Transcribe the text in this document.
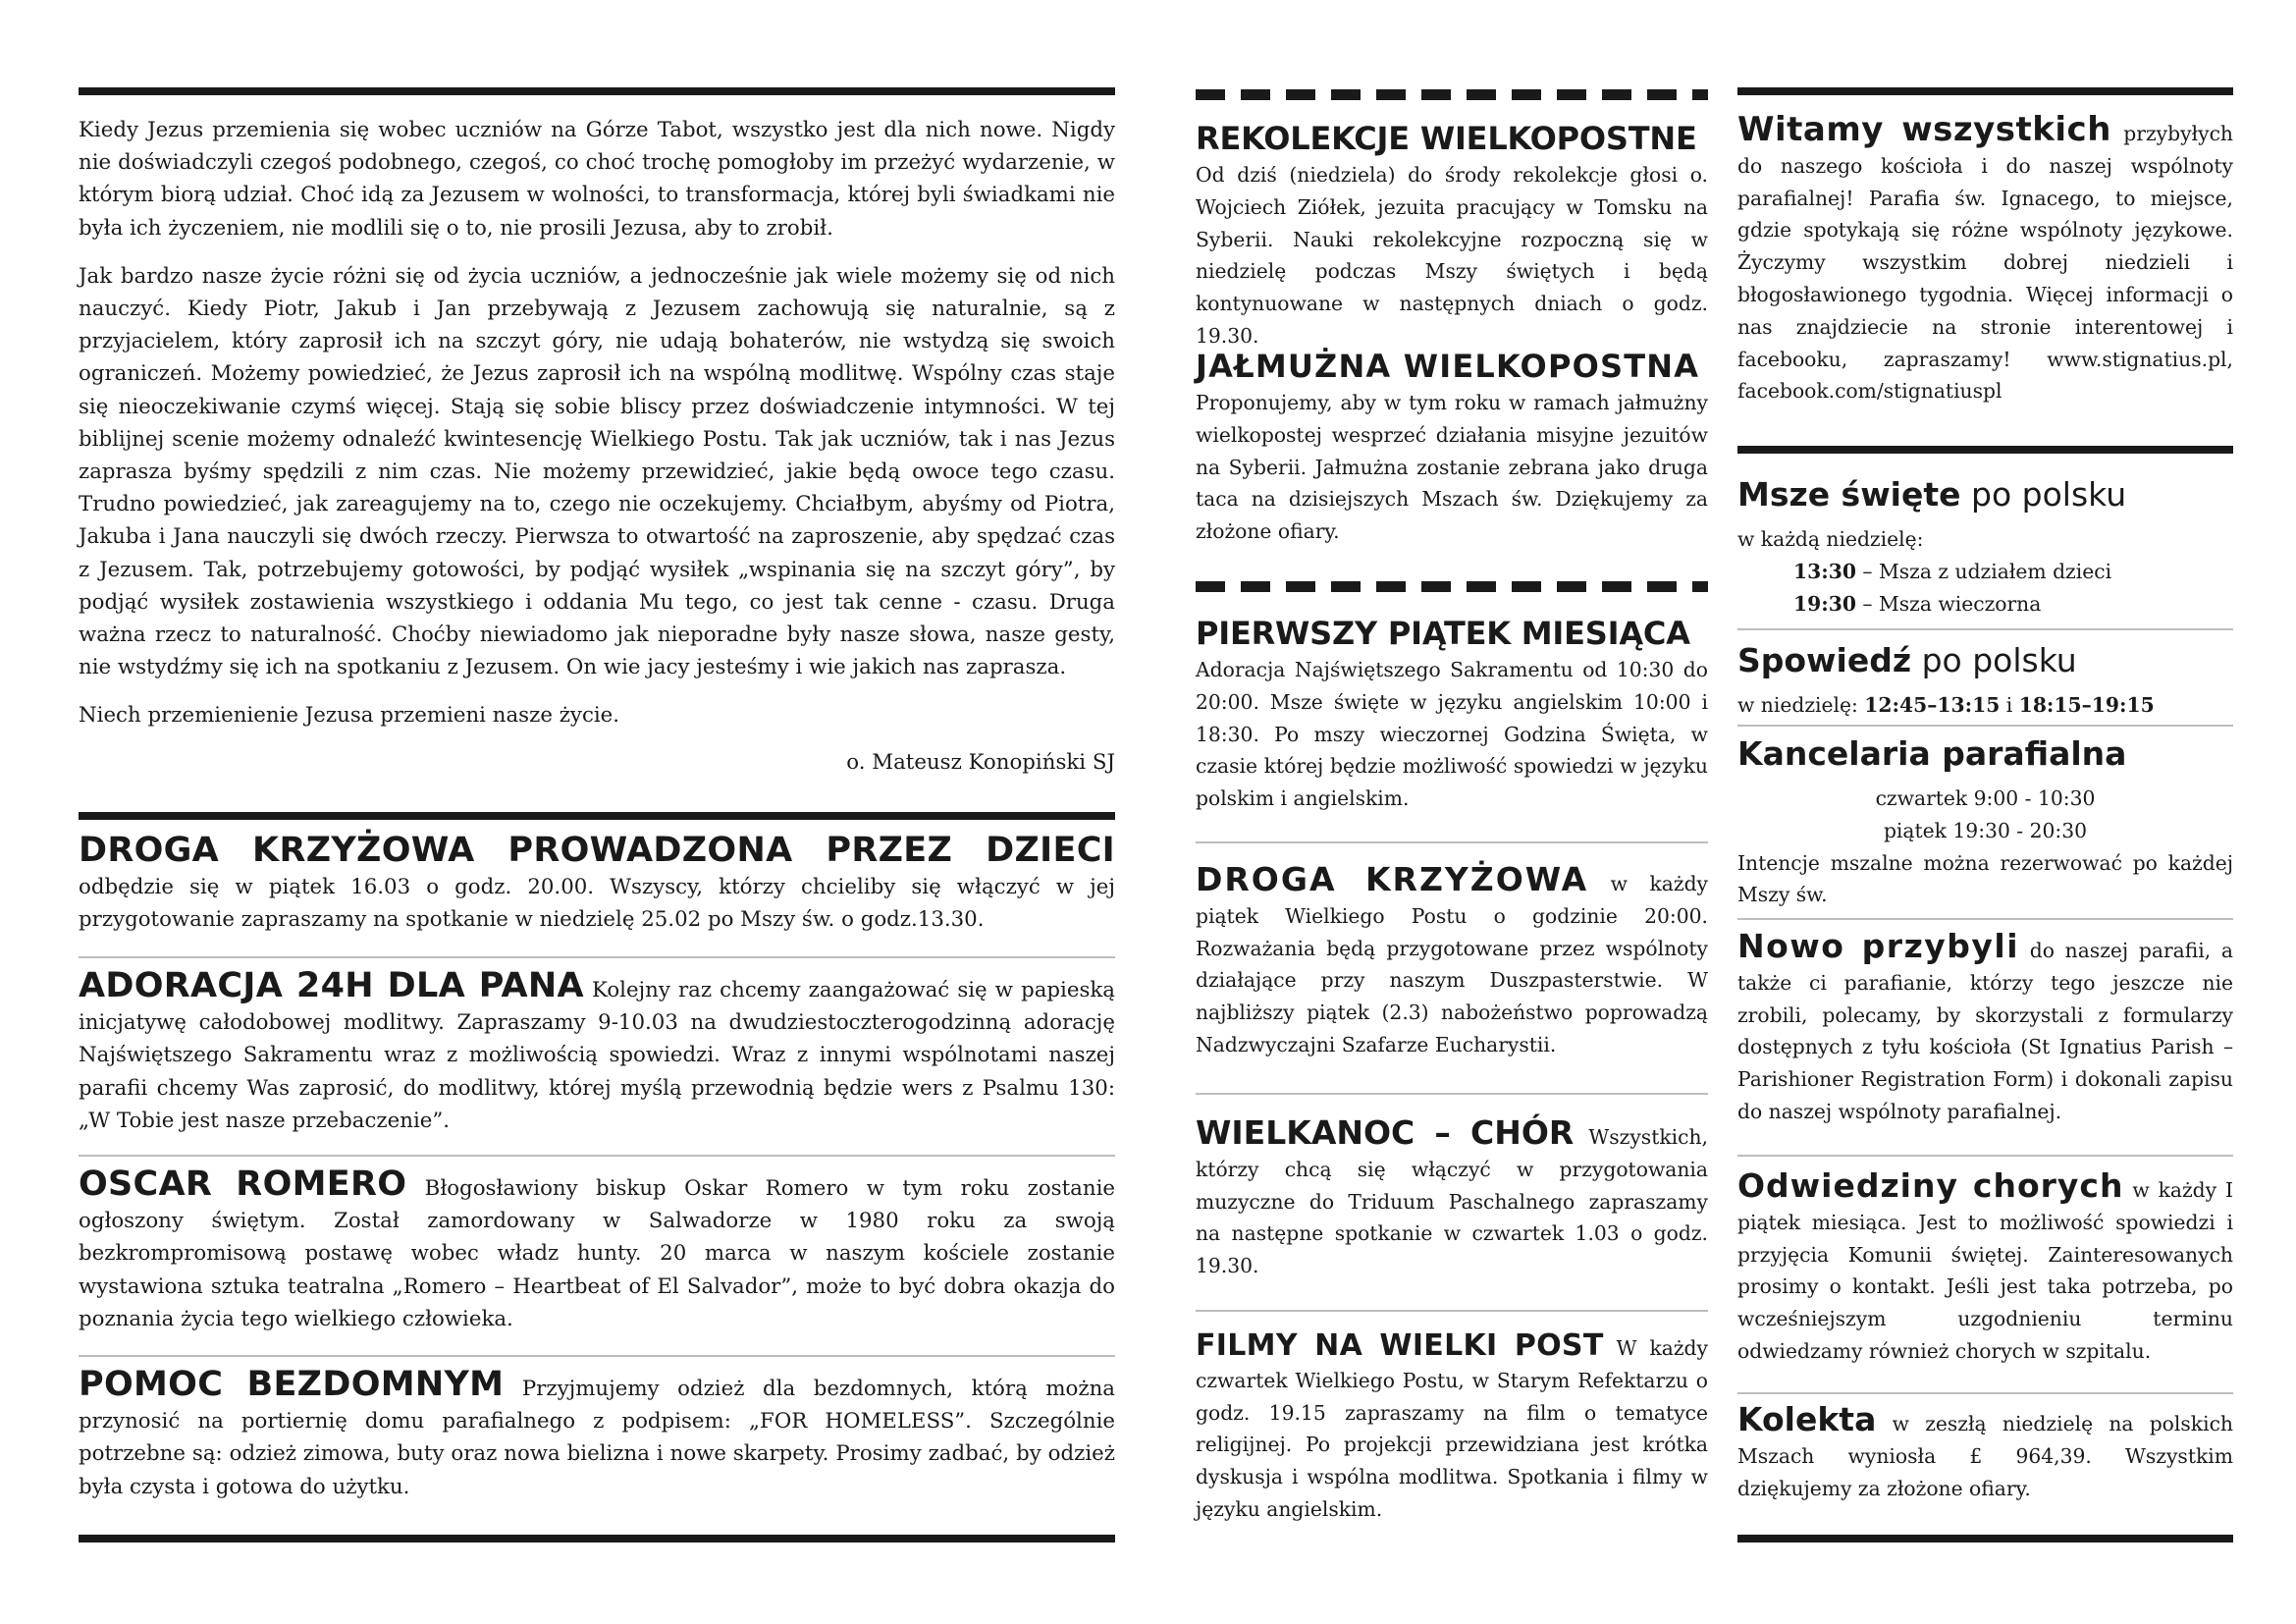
Kiedy Jezus przemienia się wobec uczniów na Górze Tabot, wszystko jest dla nich nowe. Nigdy nie doświadczyli czegoś podobnego, czegoś, co choć trochę pomogłoby im przeżyć wydarzenie, w którym biorą udział. Choć idą za Jezusem w wolności, to transformacja, której byli świadkami nie była ich życzeniem, nie modlili się o to, nie prosili Jezusa, aby to zrobił.

Jak bardzo nasze życie różni się od życia uczniów, a jednocześnie jak wiele możemy się od nich nauczyć. Kiedy Piotr, Jakub i Jan przebywają z Jezusem zachowują się naturalnie, są z przyjacielem, który zaprosił ich na szczyt góry, nie udają bohaterów, nie wstydzą się swoich ograniczeń. Możemy powiedzieć, że Jezus zaprosił ich na wspólną modlitwę. Wspólny czas staje się nieoczekiwanie czymś więcej. Stają się sobie bliscy przez doświadczenie intymności. W tej biblijnej scenie możemy odnaleźć kwintesencję Wielkiego Postu. Tak jak uczniów, tak i nas Jezus zaprasza byśmy spędzili z nim czas. Nie możemy przewidzieć, jakie będą owoce tego czasu. Trudno powiedzieć, jak zareagujemy na to, czego nie oczekujemy. Chciałbym, abyśmy od Piotra, Jakuba i Jana nauczyli się dwóch rzeczy. Pierwsza to otwartość na zaproszenie, aby spędzać czas z Jezusem. Tak, potrzebujemy gotowości, by podjąć wysiłek „wspinania się na szczyt góry”, by podjąć wysiłek zostawienia wszystkiego i oddania Mu tego, co jest tak cenne - czasu. Druga ważna rzecz to naturalność. Choćby niewiadomo jak nieporadne były nasze słowa, nasze gesty, nie wstydźmy się ich na spotkaniu z Jezusem. On wie jacy jesteśmy i wie jakich nas zaprasza.

Niech przemienienie Jezusa przemieni nasze życie.

o. Mateusz Konopiński SJ

DROGA KRZYŻOWA PROWADZONA PRZEZ DZIECI odbędzie się w piątek 16.03 o godz. 20.00. Wszyscy, którzy chcieliby się włączyć w jej przygotowanie zapraszamy na spotkanie w niedzielę 25.02 po Mszy św. o godz.13.30.

ADORACJA 24H DLA PANA Kolejny raz chcemy zaangażować się w papieską inicjatywę całodobowej modlitwy. Zapraszamy 9-10.03 na dwudziestoczterogodzinną adorację Najświętszego Sakramentu wraz z możliwością spowiedzi. Wraz z innymi wspólnotami naszej parafii chcemy Was zaprosić, do modlitwy, której myślą przewodnią będzie wers z Psalmu 130: „W Tobie jest nasze przebaczenie”.

OSCAR ROMERO Błogosławiony biskup Oskar Romero w tym roku zostanie ogłoszony świętym. Został zamordowany w Salwadorze w 1980 roku za swoją bezkrompromisową postawę wobec władz hunty. 20 marca w naszym kościele zostanie wystawiona sztuka teatralna „Romero – Heartbeat of El Salvador”, może to być dobra okazja do poznania życia tego wielkiego człowieka.

POMOC BEZDOMNYM Przyjmujemy odzież dla bezdomnych, którą można przynosić na portiernię domu parafialnego z podpisem: „FOR HOMELESS”. Szczególnie potrzebne są: odzież zimowa, buty oraz nowa bielizna i nowe skarpety. Prosimy zadbać, by odzież była czysta i gotowa do użytku.

REKOLEKCJE WIELKOPOSTNE

Od dziś (niedziela) do środy rekolekcje głosi o. Wojciech Ziółek, jezuita pracujący w Tomsku na Syberii. Nauki rekolekcyjne rozpoczną się w niedzielę podczas Mszy świętych i będą kontynuowane w następnych dniach o godz. 19.30.

JAŁMUŻNA WIELKOPOSTNA

Proponujemy, aby w tym roku w ramach jałmużny wielkopostej wesprzeć działania misyjne jezuitów na Syberii. Jałmużna zostanie zebrana jako druga taca na dzisiejszych Mszach św. Dziękujemy za złożone ofiary.

PIERWSZY PIĄTEK MIESIĄCA

Adoracja Najświętszego Sakramentu od 10:30 do 20:00. Msze święte w języku angielskim 10:00 i 18:30. Po mszy wieczornej Godzina Święta, w czasie której będzie możliwość spowiedzi w języku polskim i angielskim.

DROGA KRZYŻOWA w każdy piątek Wielkiego Postu o godzinie 20:00. Rozważania będą przygotowane przez wspólnoty działające przy naszym Duszpasterstwie. W najbliższy piątek (2.3) nabożeństwo poprowadzą Nadzwyczajni Szafarze Eucharystii.

WIELKANOC – CHÓR Wszystkich, którzy chcą się włączyć w przygotowania muzyczne do Triduum Paschalnego zapraszamy na następne spotkanie w czwartek 1.03 o godz. 19.30.

FILMY NA WIELKI POST W każdy czwartek Wielkiego Postu, w Starym Refektarzu o godz. 19.15 zapraszamy na film o tematyce religijnej. Po projekcji przewidziana jest krótka dyskusja i wspólna modlitwa. Spotkania i filmy w języku angielskim.

Witamy wszystkich przybyłych do naszego kościoła i do naszej wspólnoty parafialnej! Parafia św. Ignacego, to miejsce, gdzie spotykają się różne wspólnoty językowe. Życzymy wszystkim dobrej niedzieli i błogosławionego tygodnia. Więcej informacji o nas znajdziecie na stronie interentowej i facebooku, zapraszamy! www.stignatius.pl, facebook.com/stignatiuspl

Msze święte po polsku

w każdą niedzielę:

13:30 – Msza z udziałem dzieci

19:30 – Msza wieczorna

Spowiedź po polsku

w niedzielę: 12:45–13:15 i 18:15–19:15

Kancelaria parafialna

czwartek 9:00 - 10:30

piątek 19:30 - 20:30

Intencje mszalne można rezerwować po każdej Mszy św.

Nowo przybyli do naszej parafii, a także ci parafianie, którzy tego jeszcze nie zrobili, polecamy, by skorzystali z formularzy dostępnych z tyłu kościoła (St Ignatius Parish – Parishioner Registration Form) i dokonali zapisu do naszej wspólnoty parafialnej.

Odwiedziny chorych w każdy I piątek miesiąca. Jest to możliwość spowiedzi i przyjęcia Komunii świętej. Zainteresowanych prosimy o kontakt. Jeśli jest taka potrzeba, po wcześniejszym uzgodnieniu terminu odwiedzamy również chorych w szpitalu.

Kolekta w zeszłą niedzielę na polskich Mszach wyniosła £ 964,39. Wszystkim dziękujemy za złożone ofiary.
